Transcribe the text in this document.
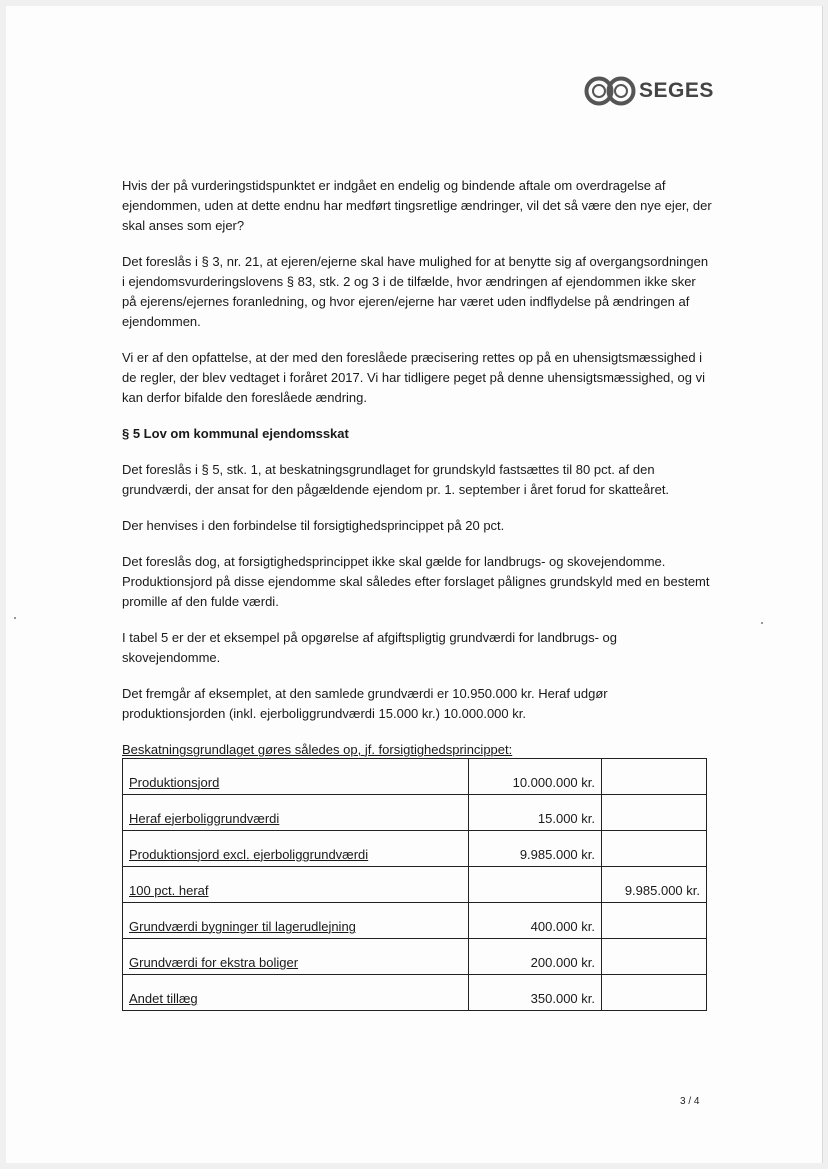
SEGES

Hvis der på vurderingstidspunktet er indgået en endelig og bindende aftale om overdragelse af ejendommen, uden at dette endnu har medført tingsretlige ændringer, vil det så være den nye ejer, der skal anses som ejer?

Det foreslås i § 3, nr. 21, at ejeren/ejerne skal have mulighed for at benytte sig af overgangsordningen i ejendomsvurderingslovens § 83, stk. 2 og 3 i de tilfælde, hvor ændringen af ejendommen ikke sker på ejerens/ejernes foranledning, og hvor ejeren/ejerne har været uden indflydelse på ændringen af ejendommen.

Vi er af den opfattelse, at der med den foreslåede præcisering rettes op på en uhensigtsmæssighed i de regler, der blev vedtaget i foråret 2017. Vi har tidligere peget på denne uhensigtsmæssighed, og vi kan derfor bifalde den foreslåede ændring.

§ 5 Lov om kommunal ejendomsskat

Det foreslås i § 5, stk. 1, at beskatningsgrundlaget for grundskyld fastsættes til 80 pct. af den grundværdi, der ansat for den pågældende ejendom pr. 1. september i året forud for skatteåret.

Der henvises i den forbindelse til forsigtighedsprincippet på 20 pct.

Det foreslås dog, at forsigtighedsprincippet ikke skal gælde for landbrugs- og skovejendomme. Produktionsjord på disse ejendomme skal således efter forslaget pålignes grundskyld med en bestemt promille af den fulde værdi.

I tabel 5 er der et eksempel på opgørelse af afgiftspligtig grundværdi for landbrugs- og skovejendomme.

Det fremgår af eksemplet, at den samlede grundværdi er 10.950.000 kr. Heraf udgør produktionsjorden (inkl. ejerboliggrundværdi 15.000 kr.) 10.000.000 kr.

Beskatningsgrundlaget gøres således op, jf. forsigtighedsprincippet:

Produktionsjord	10.000.000 kr.	
Heraf ejerboliggrundværdi	15.000 kr.	
Produktionsjord excl. ejerboliggrundværdi	9.985.000 kr.	
100 pct. heraf		9.985.000 kr.
Grundværdi bygninger til lagerudlejning	400.000 kr.	
Grundværdi for ekstra boliger	200.000 kr.	
Andet tillæg	350.000 kr.	
3 / 4
